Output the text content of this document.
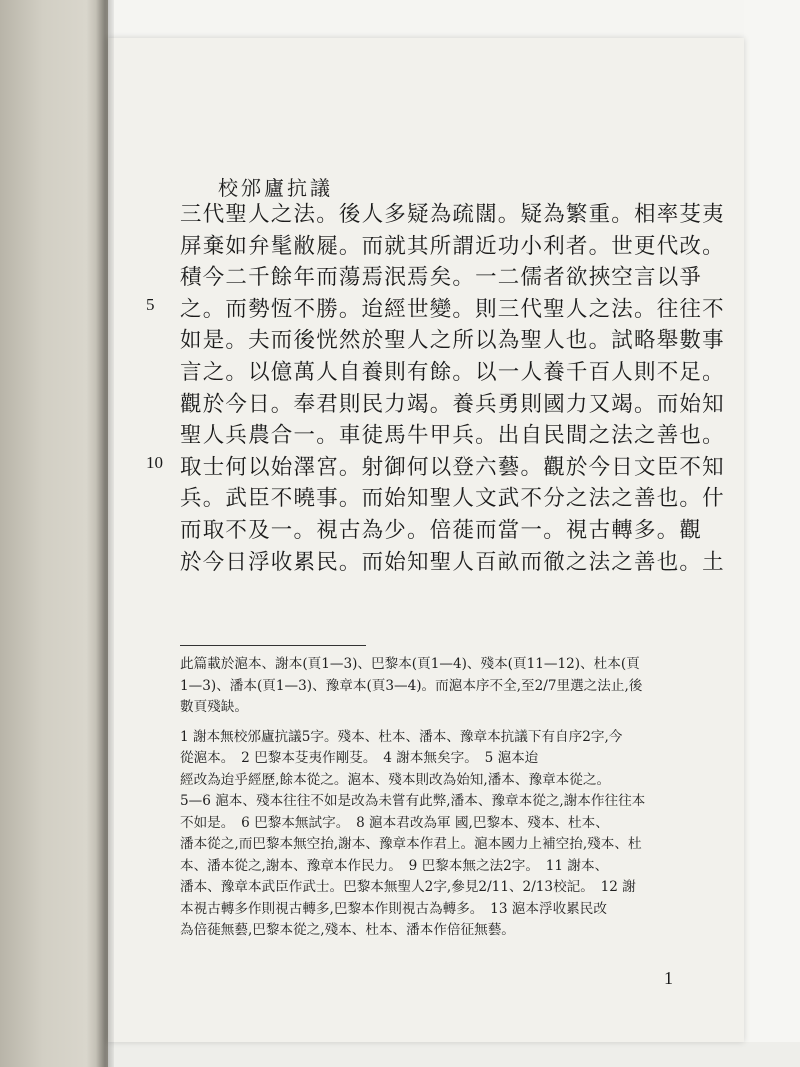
校邠廬抗議
三代聖人之法。後人多疑為疏闊。疑為繁重。相率芟夷
屏棄如弁髦敝屣。而就其所謂近功小利者。世更代改。
積今二千餘年而蕩焉泯焉矣。一二儒者欲挾空言以爭
之。而勢恆不勝。迨經世變。則三代聖人之法。往往不
如是。夫而後恍然於聖人之所以為聖人也。試略舉數事
言之。以億萬人自養則有餘。以一人養千百人則不足。
觀於今日。奉君則民力竭。養兵勇則國力又竭。而始知
聖人兵農合一。車徒馬牛甲兵。出自民間之法之善也。
取士何以始澤宮。射御何以登六藝。觀於今日文臣不知
兵。武臣不曉事。而始知聖人文武不分之法之善也。什
而取不及一。視古為少。倍蓰而當一。視古轉多。觀
於今日浮收累民。而始知聖人百畝而徹之法之善也。土
5
10
此篇載於滬本、謝本(頁1—3)、巴黎本(頁1—4)、殘本(頁11—12)、杜本(頁
1—3)、潘本(頁1—3)、豫章本(頁3—4)。而滬本序不全,至2/7里選之法止,後
數頁殘缺。
1 謝本無校邠廬抗議5字。殘本、杜本、潘本、豫章本抗議下有自序2字,今
從滬本。　2 巴黎本芟夷作剛芟。　4 謝本無矣字。　5 滬本迨
經改為迨乎經歷,餘本從之。滬本、殘本則改為始知,潘本、豫章本從之。
5—6 滬本、殘本往往不如是改為未嘗有此弊,潘本、豫章本從之,謝本作往往本
不如是。　6 巴黎本無試字。　8 滬本君改為軍 國,巴黎本、殘本、杜本、
潘本從之,而巴黎本無空抬,謝本、豫章本作君上。滬本國力上補空抬,殘本、杜
本、潘本從之,謝本、豫章本作民力。　9 巴黎本無之法2字。　11 謝本、
潘本、豫章本武臣作武士。巴黎本無聖人2字,參見2/11、2/13校記。　12 謝
本視古轉多作則視古轉多,巴黎本作則視古為轉多。　13 滬本浮收累民改
為倍蓰無藝,巴黎本從之,殘本、杜本、潘本作倍征無藝。
1
